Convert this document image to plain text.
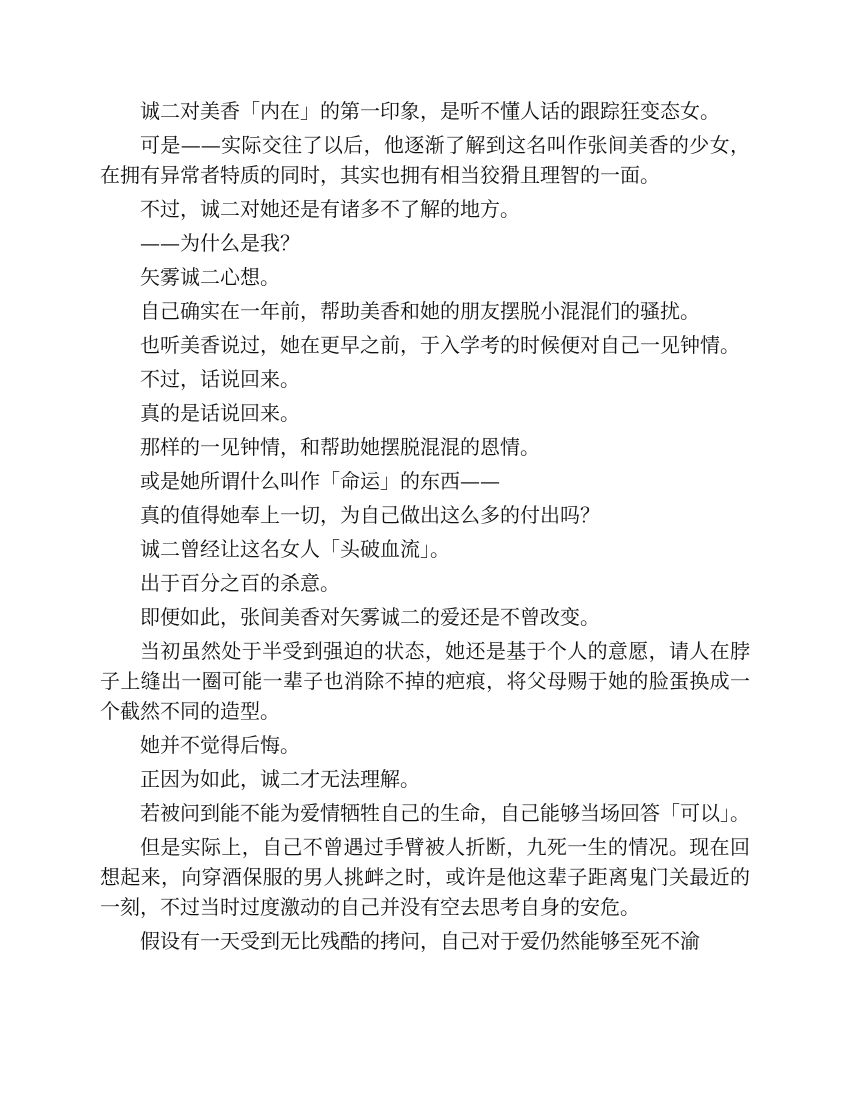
诚二对美香「内在」的第一印象，是听不懂人话的跟踪狂变态女。

可是——实际交往了以后，他逐渐了解到这名叫作张间美香的少女，在拥有异常者特质的同时，其实也拥有相当狡猾且理智的一面。

不过，诚二对她还是有诸多不了解的地方。

——为什么是我？

矢雾诚二心想。

自己确实在一年前，帮助美香和她的朋友摆脱小混混们的骚扰。

也听美香说过，她在更早之前，于入学考的时候便对自己一见钟情。

不过，话说回来。

真的是话说回来。

那样的一见钟情，和帮助她摆脱混混的恩情。

或是她所谓什么叫作「命运」的东西——

真的值得她奉上一切，为自己做出这么多的付出吗？

诚二曾经让这名女人「头破血流」。

出于百分之百的杀意。

即便如此，张间美香对矢雾诚二的爱还是不曾改变。

当初虽然处于半受到强迫的状态，她还是基于个人的意愿，请人在脖子上缝出一圈可能一辈子也消除不掉的疤痕，将父母赐于她的脸蛋换成一个截然不同的造型。

她并不觉得后悔。

正因为如此，诚二才无法理解。

若被问到能不能为爱情牺牲自己的生命，自己能够当场回答「可以」。

但是实际上，自己不曾遇过手臂被人折断，九死一生的情况。现在回想起来，向穿酒保服的男人挑衅之时，或许是他这辈子距离鬼门关最近的一刻，不过当时过度激动的自己并没有空去思考自身的安危。

假设有一天受到无比残酷的拷问，自己对于爱仍然能够至死不渝
